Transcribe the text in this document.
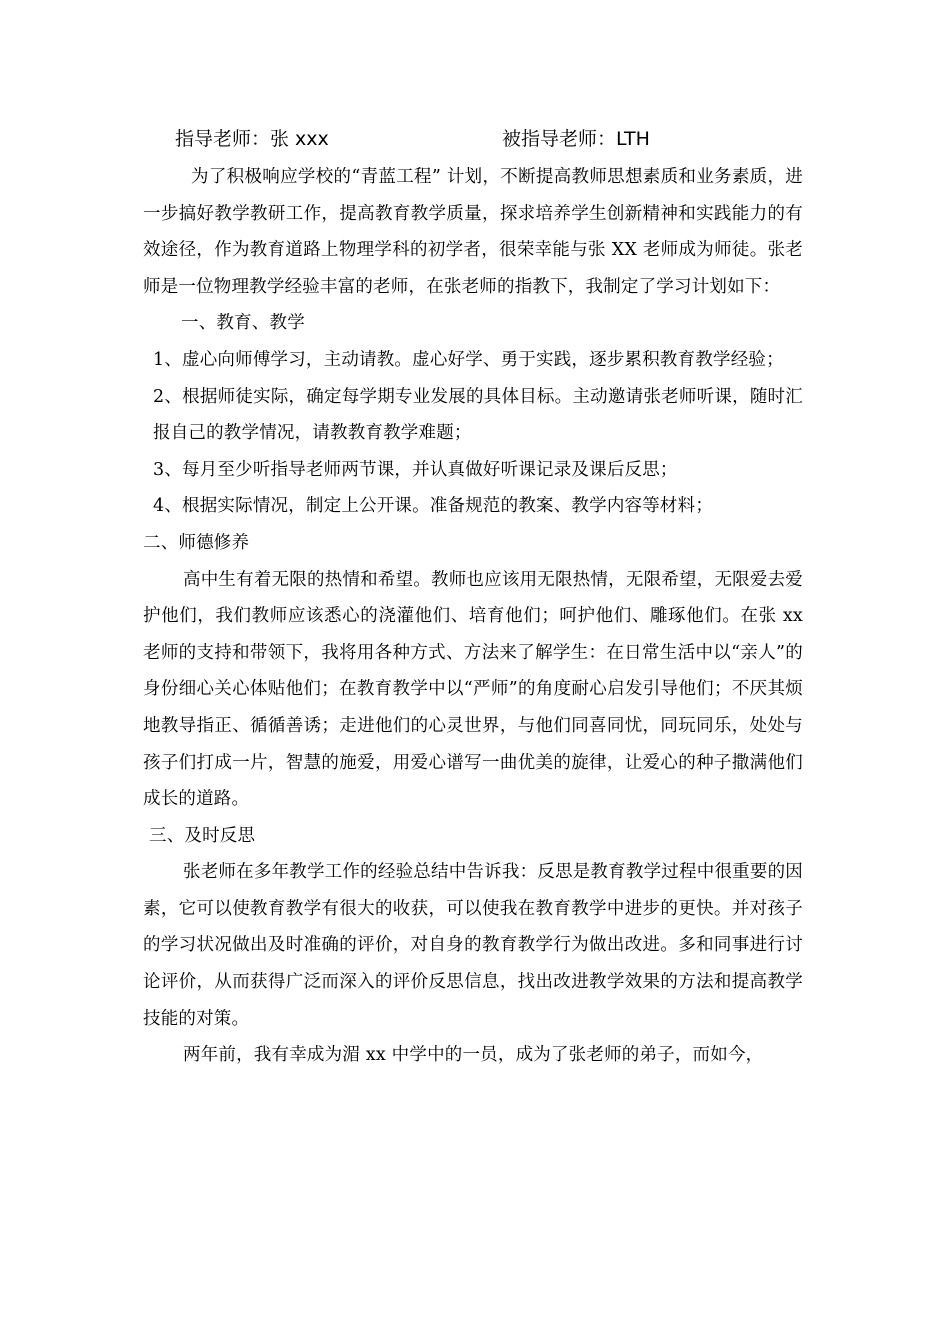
指导老师：张 xxx	被指导老师：LTH

为了积极响应学校的“青蓝工程” 计划，不断提高教师思想素质和业务素质，进一步搞好教学教研工作，提高教育教学质量，探求培养学生创新精神和实践能力的有效途径，作为教育道路上物理学科的初学者，很荣幸能与张 XX 老师成为师徒。张老师是一位物理教学经验丰富的老师，在张老师的指教下，我制定了学习计划如下：

一、教育、教学

1、虚心向师傅学习，主动请教。虚心好学、勇于实践，逐步累积教育教学经验；

2、根据师徒实际，确定每学期专业发展的具体目标。主动邀请张老师听课，随时汇报自己的教学情况，请教教育教学难题；

3、每月至少听指导老师两节课，并认真做好听课记录及课后反思；

4、根据实际情况，制定上公开课。准备规范的教案、教学内容等材料；

二、师德修养

高中生有着无限的热情和希望。教师也应该用无限热情，无限希望，无限爱去爱护他们，我们教师应该悉心的浇灌他们、培育他们；呵护他们、雕琢他们。在张 xx 老师的支持和带领下，我将用各种方式、方法来了解学生：在日常生活中以“亲人”的身份细心关心体贴他们；在教育教学中以“严师”的角度耐心启发引导他们；不厌其烦地教导指正、循循善诱；走进他们的心灵世界，与他们同喜同忧，同玩同乐，处处与孩子们打成一片，智慧的施爱，用爱心谱写一曲优美的旋律，让爱心的种子撒满他们成长的道路。

三、及时反思

张老师在多年教学工作的经验总结中告诉我：反思是教育教学过程中很重要的因素，它可以使教育教学有很大的收获，可以使我在教育教学中进步的更快。并对孩子的学习状况做出及时准确的评价，对自身的教育教学行为做出改进。多和同事进行讨论评价，从而获得广泛而深入的评价反思信息，找出改进教学效果的方法和提高教学技能的对策。

两年前，我有幸成为湄 xx 中学中的一员，成为了张老师的弟子，而如今，
